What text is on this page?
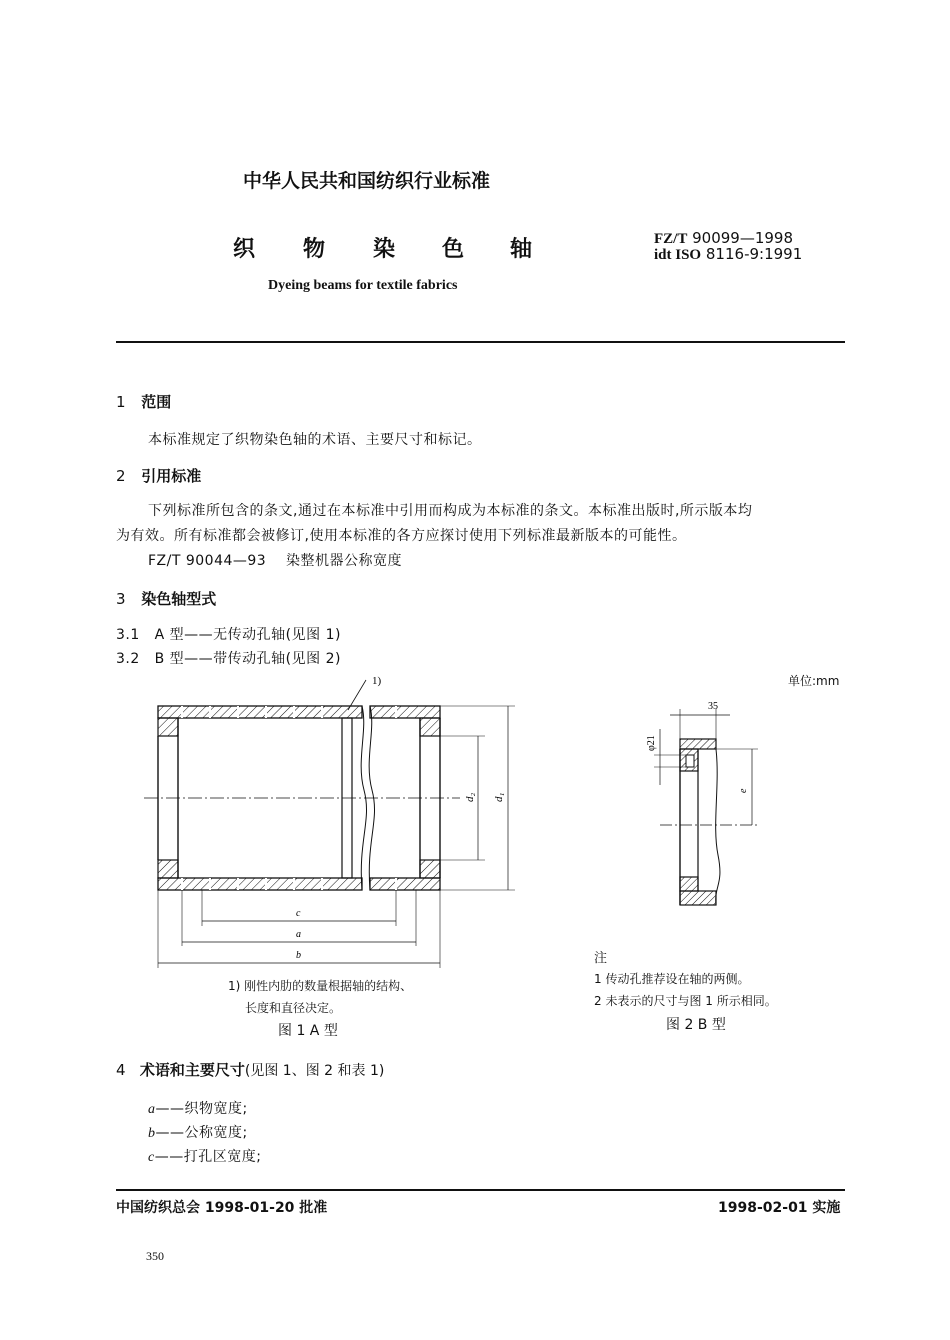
中华人民共和国纺织行业标准
织 物 染 色 轴
Dyeing beams for textile fabrics
FZ/T 90099—1998
idt ISO 8116-9:1991
1 范围
本标准规定了织物染色轴的术语、主要尺寸和标记。
2 引用标准
下列标准所包含的条文,通过在本标准中引用而构成为本标准的条文。本标准出版时,所示版本均
为有效。所有标准都会被修订,使用本标准的各方应探讨使用下列标准最新版本的可能性。
FZ/T 90044—93 染整机器公称宽度
3 染色轴型式
3.1 A 型——无传动孔轴(见图 1)
3.2 B 型——带传动孔轴(见图 2)
单位:mm
1)
d₂ d₁
c
a
b
1) 刚性内肋的数量根据轴的结构、
长度和直径决定。
图 1 A 型
35
φ21
e
注
1 传动孔推荐设在轴的两侧。
2 未表示的尺寸与图 1 所示相同。
图 2 B 型
4 术语和主要尺寸(见图 1、图 2 和表 1)
a——织物宽度;
b——公称宽度;
c——打孔区宽度;
中国纺织总会 1998-01-20 批准	1998-02-01 实施
350
